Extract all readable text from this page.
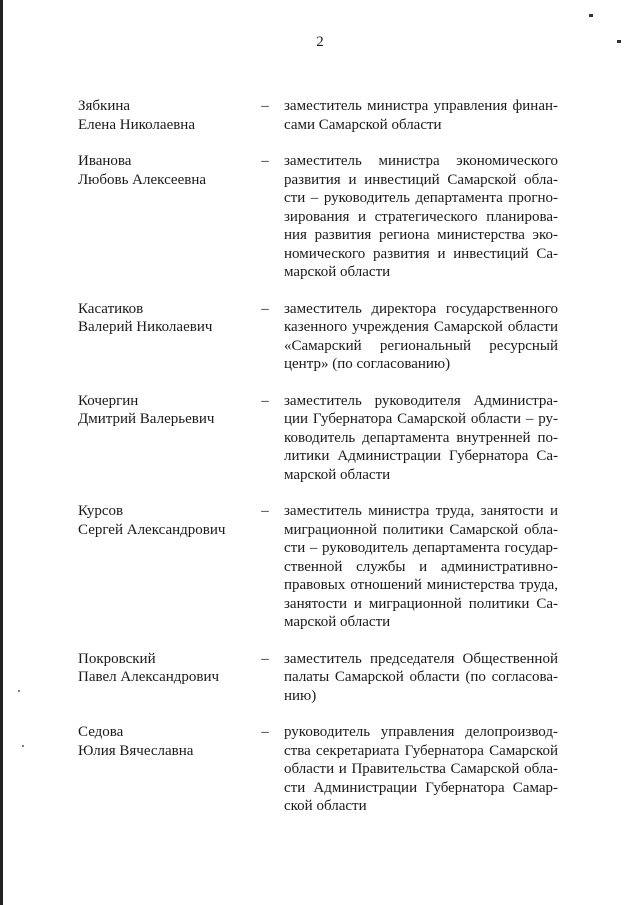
2
Зябкина
Елена Николаевна
–	заместитель министра управления финан-
сами Самарской области
Иванова
Любовь Алексеевна
–	заместитель министра экономического
развития и инвестиций Самарской обла-
сти – руководитель департамента прогно-
зирования и стратегического планирова-
ния развития региона министерства эко-
номического развития и инвестиций Са-
марской области
Касатиков
Валерий Николаевич
–	заместитель директора государственного
казенного учреждения Самарской области
«Самарский региональный ресурсный
центр» (по согласованию)
Кочергин
Дмитрий Валерьевич
–	заместитель руководителя Администра-
ции Губернатора Самарской области – ру-
ководитель департамента внутренней по-
литики Администрации Губернатора Са-
марской области
Курсов
Сергей Александрович
–	заместитель министра труда, занятости и
миграционной политики Самарской обла-
сти – руководитель департамента государ-
ственной службы и административно-
правовых отношений министерства труда,
занятости и миграционной политики Са-
марской области
Покровский
Павел Александрович
–	заместитель председателя Общественной
палаты Самарской области (по согласова-
нию)
Седова
Юлия Вячеславна
–	руководитель управления делопроизвод-
ства секретариата Губернатора Самарской
области и Правительства Самарской обла-
сти Администрации Губернатора Самар-
ской области
